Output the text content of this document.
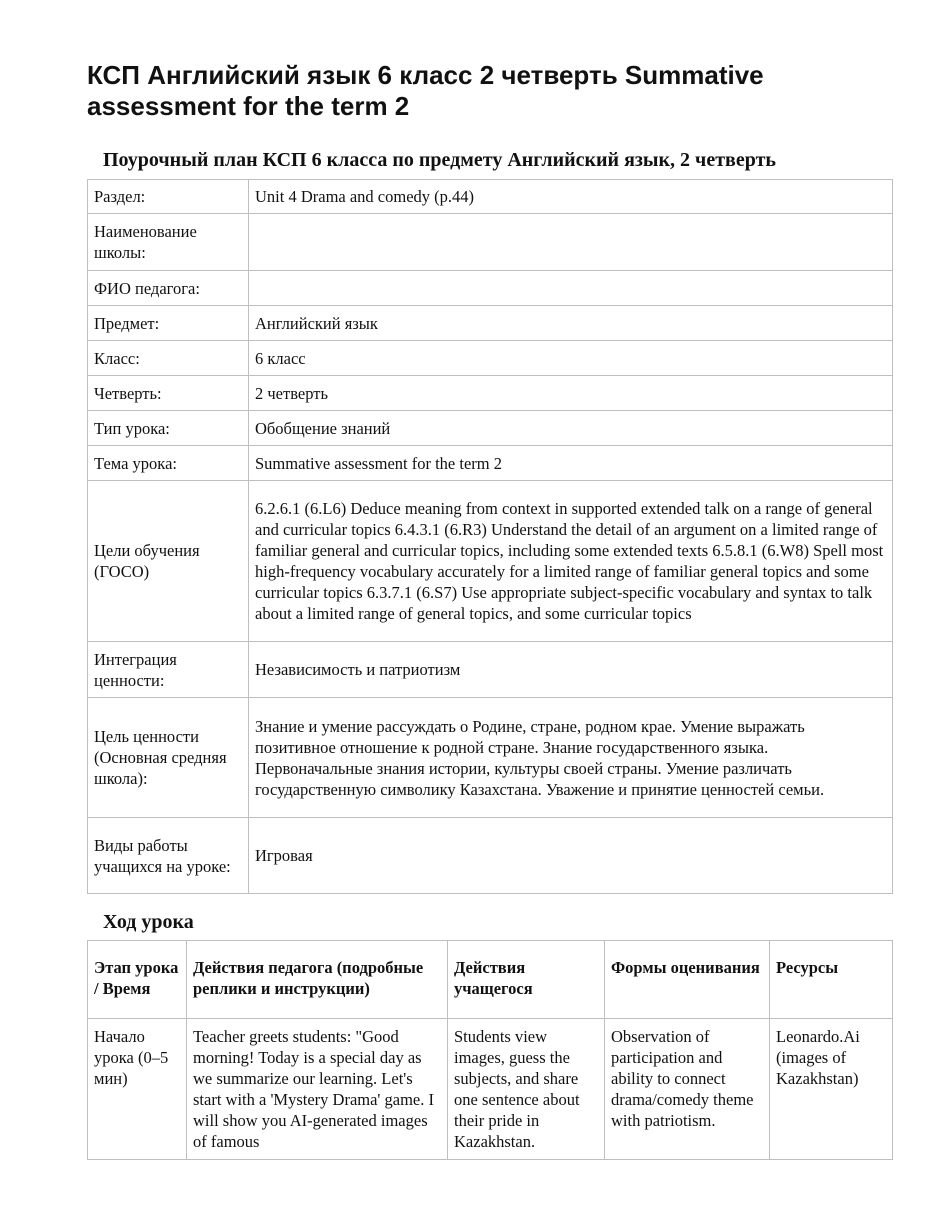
КСП Английский язык 6 класс 2 четверть Summative assessment for the term 2
Поурочный план КСП 6 класса по предмету Английский язык, 2 четверть
Раздел:	Unit 4 Drama and comedy (p.44)
Наименование школы:	
ФИО педагога:	
Предмет:	Английский язык
Класс:	6 класс
Четверть:	2 четверть
Тип урока:	Обобщение знаний
Тема урока:	Summative assessment for the term 2
Цели обучения (ГОСО)	6.2.6.1 (6.L6) Deduce meaning from context in supported extended talk on a range of general and curricular topics 6.4.3.1 (6.R3) Understand the detail of an argument on a limited range of familiar general and curricular topics, including some extended texts 6.5.8.1 (6.W8) Spell most high-frequency vocabulary accurately for a limited range of familiar general topics and some curricular topics 6.3.7.1 (6.S7) Use appropriate subject-specific vocabulary and syntax to talk about a limited range of general topics, and some curricular topics
Интеграция ценности:	Независимость и патриотизм
Цель ценности (Основная средняя школа):	Знание и умение рассуждать о Родине, стране, родном крае. Умение выражать позитивное отношение к родной стране. Знание государственного языка. Первоначальные знания истории, культуры своей страны. Умение различать государственную символику Казахстана. Уважение и принятие ценностей семьи.
Виды работы учащихся на уроке:	Игровая
Ход урока
Этап урока / Время	Действия педагога (подробные реплики и инструкции)	Действия учащегося	Формы оценивания	Ресурсы
Начало урока (0–5 мин)	Teacher greets students: "Good morning! Today is a special day as we summarize our learning. Let's start with a 'Mystery Drama' game. I will show you AI-generated images of famous	Students view images, guess the subjects, and share one sentence about their pride in Kazakhstan.	Observation of participation and ability to connect drama/comedy theme with patriotism.	Leonardo.Ai (images of Kazakhstan)
